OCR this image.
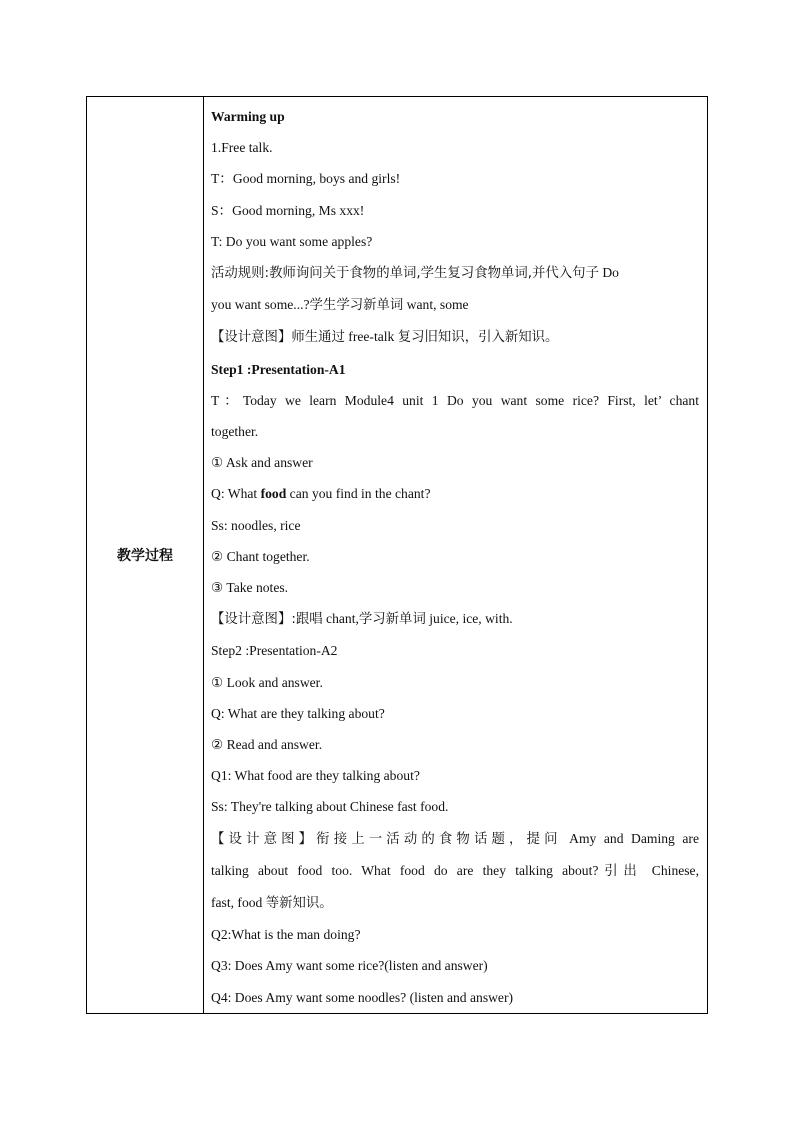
教学过程	
Warming up
1.Free talk.
T：Good morning, boys and girls!
S：Good morning, Ms xxx!
T: Do you want some apples?
活动规则:教师询问关于食物的单词,学生复习食物单词,并代入句子 Do
you want some...?学生学习新单词 want, some
【设计意图】师生通过 free-talk 复习旧知识，引入新知识。
Step1 :Presentation-A1
T：Today we learn Module4 unit 1 Do you want some rice? First, let’ chant
together.
① Ask and answer
Q: What food can you find in the chant?
Ss: noodles, rice
② Chant together.
③ Take notes.
【设计意图】:跟唱 chant,学习新单词 juice, ice, with.
Step2 :Presentation-A2
① Look and answer.
Q: What are they talking about?
② Read and answer.
Q1: What food are they talking about?
Ss: They're talking about Chinese fast food.
【设计意图】衔接上一活动的食物话题，提问 Amy and Daming are
talking about food too. What food do are they talking about?引出 Chinese,
fast, food 等新知识。
Q2:What is the man doing?
Q3: Does Amy want some rice?(listen and answer)
Q4: Does Amy want some noodles? (listen and answer)
